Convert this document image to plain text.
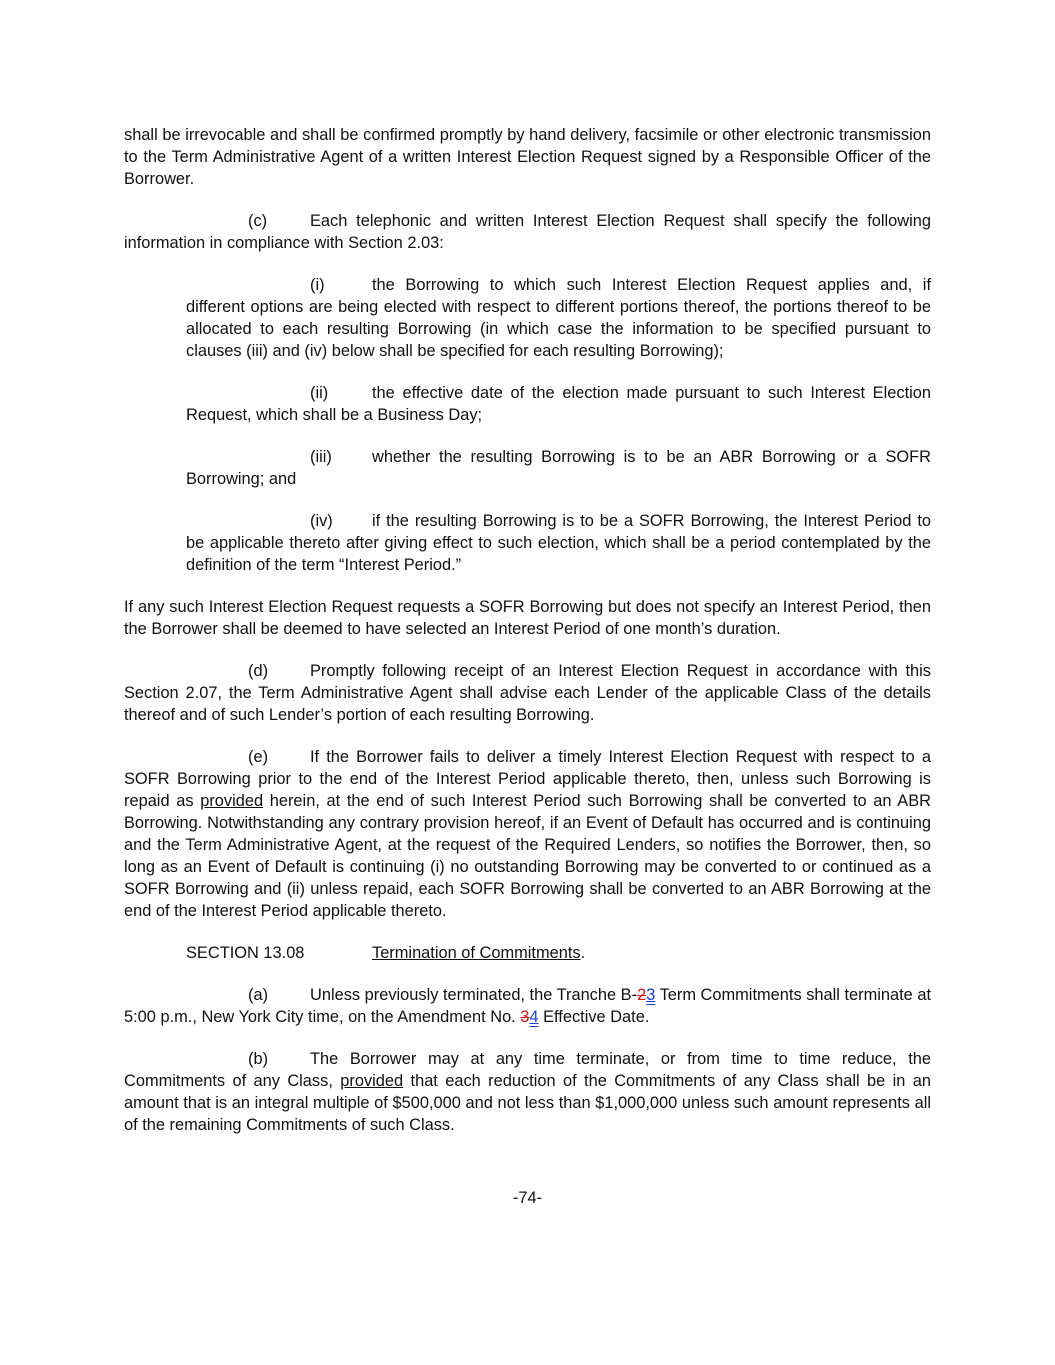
shall be irrevocable and shall be confirmed promptly by hand delivery, facsimile or other electronic transmission to the Term Administrative Agent of a written Interest Election Request signed by a Responsible Officer of the Borrower.

(c)	Each telephonic and written Interest Election Request shall specify the following information in compliance with Section 2.03:

(i)	the Borrowing to which such Interest Election Request applies and, if different options are being elected with respect to different portions thereof, the portions thereof to be allocated to each resulting Borrowing (in which case the information to be specified pursuant to clauses (iii) and (iv) below shall be specified for each resulting Borrowing);

(ii)	the effective date of the election made pursuant to such Interest Election Request, which shall be a Business Day;

(iii) whether the resulting Borrowing is to be an ABR Borrowing or a SOFR Borrowing; and

(iv) if the resulting Borrowing is to be a SOFR Borrowing, the Interest Period to be applicable thereto after giving effect to such election, which shall be a period contemplated by the definition of the term “Interest Period.”

If any such Interest Election Request requests a SOFR Borrowing but does not specify an Interest Period, then the Borrower shall be deemed to have selected an Interest Period of one month’s duration.

(d)	Promptly following receipt of an Interest Election Request in accordance with this Section 2.07, the Term Administrative Agent shall advise each Lender of the applicable Class of the details thereof and of such Lender’s portion of each resulting Borrowing.

(e)	If the Borrower fails to deliver a timely Interest Election Request with respect to a SOFR Borrowing prior to the end of the Interest Period applicable thereto, then, unless such Borrowing is repaid as provided herein, at the end of such Interest Period such Borrowing shall be converted to an ABR Borrowing. Notwithstanding any contrary provision hereof, if an Event of Default has occurred and is continuing and the Term Administrative Agent, at the request of the Required Lenders, so notifies the Borrower, then, so long as an Event of Default is continuing (i) no outstanding Borrowing may be converted to or continued as a SOFR Borrowing and (ii) unless repaid, each SOFR Borrowing shall be converted to an ABR Borrowing at the end of the Interest Period applicable thereto.

SECTION 13.08	Termination of Commitments.

(a)	Unless previously terminated, the Tranche B-23 Term Commitments shall terminate at 5:00 p.m., New York City time, on the Amendment No. 34 Effective Date.

(b)	The Borrower may at any time terminate, or from time to time reduce, the Commitments of any Class, provided that each reduction of the Commitments of any Class shall be in an amount that is an integral multiple of $500,000 and not less than $1,000,000 unless such amount represents all of the remaining Commitments of such Class.

-74-
